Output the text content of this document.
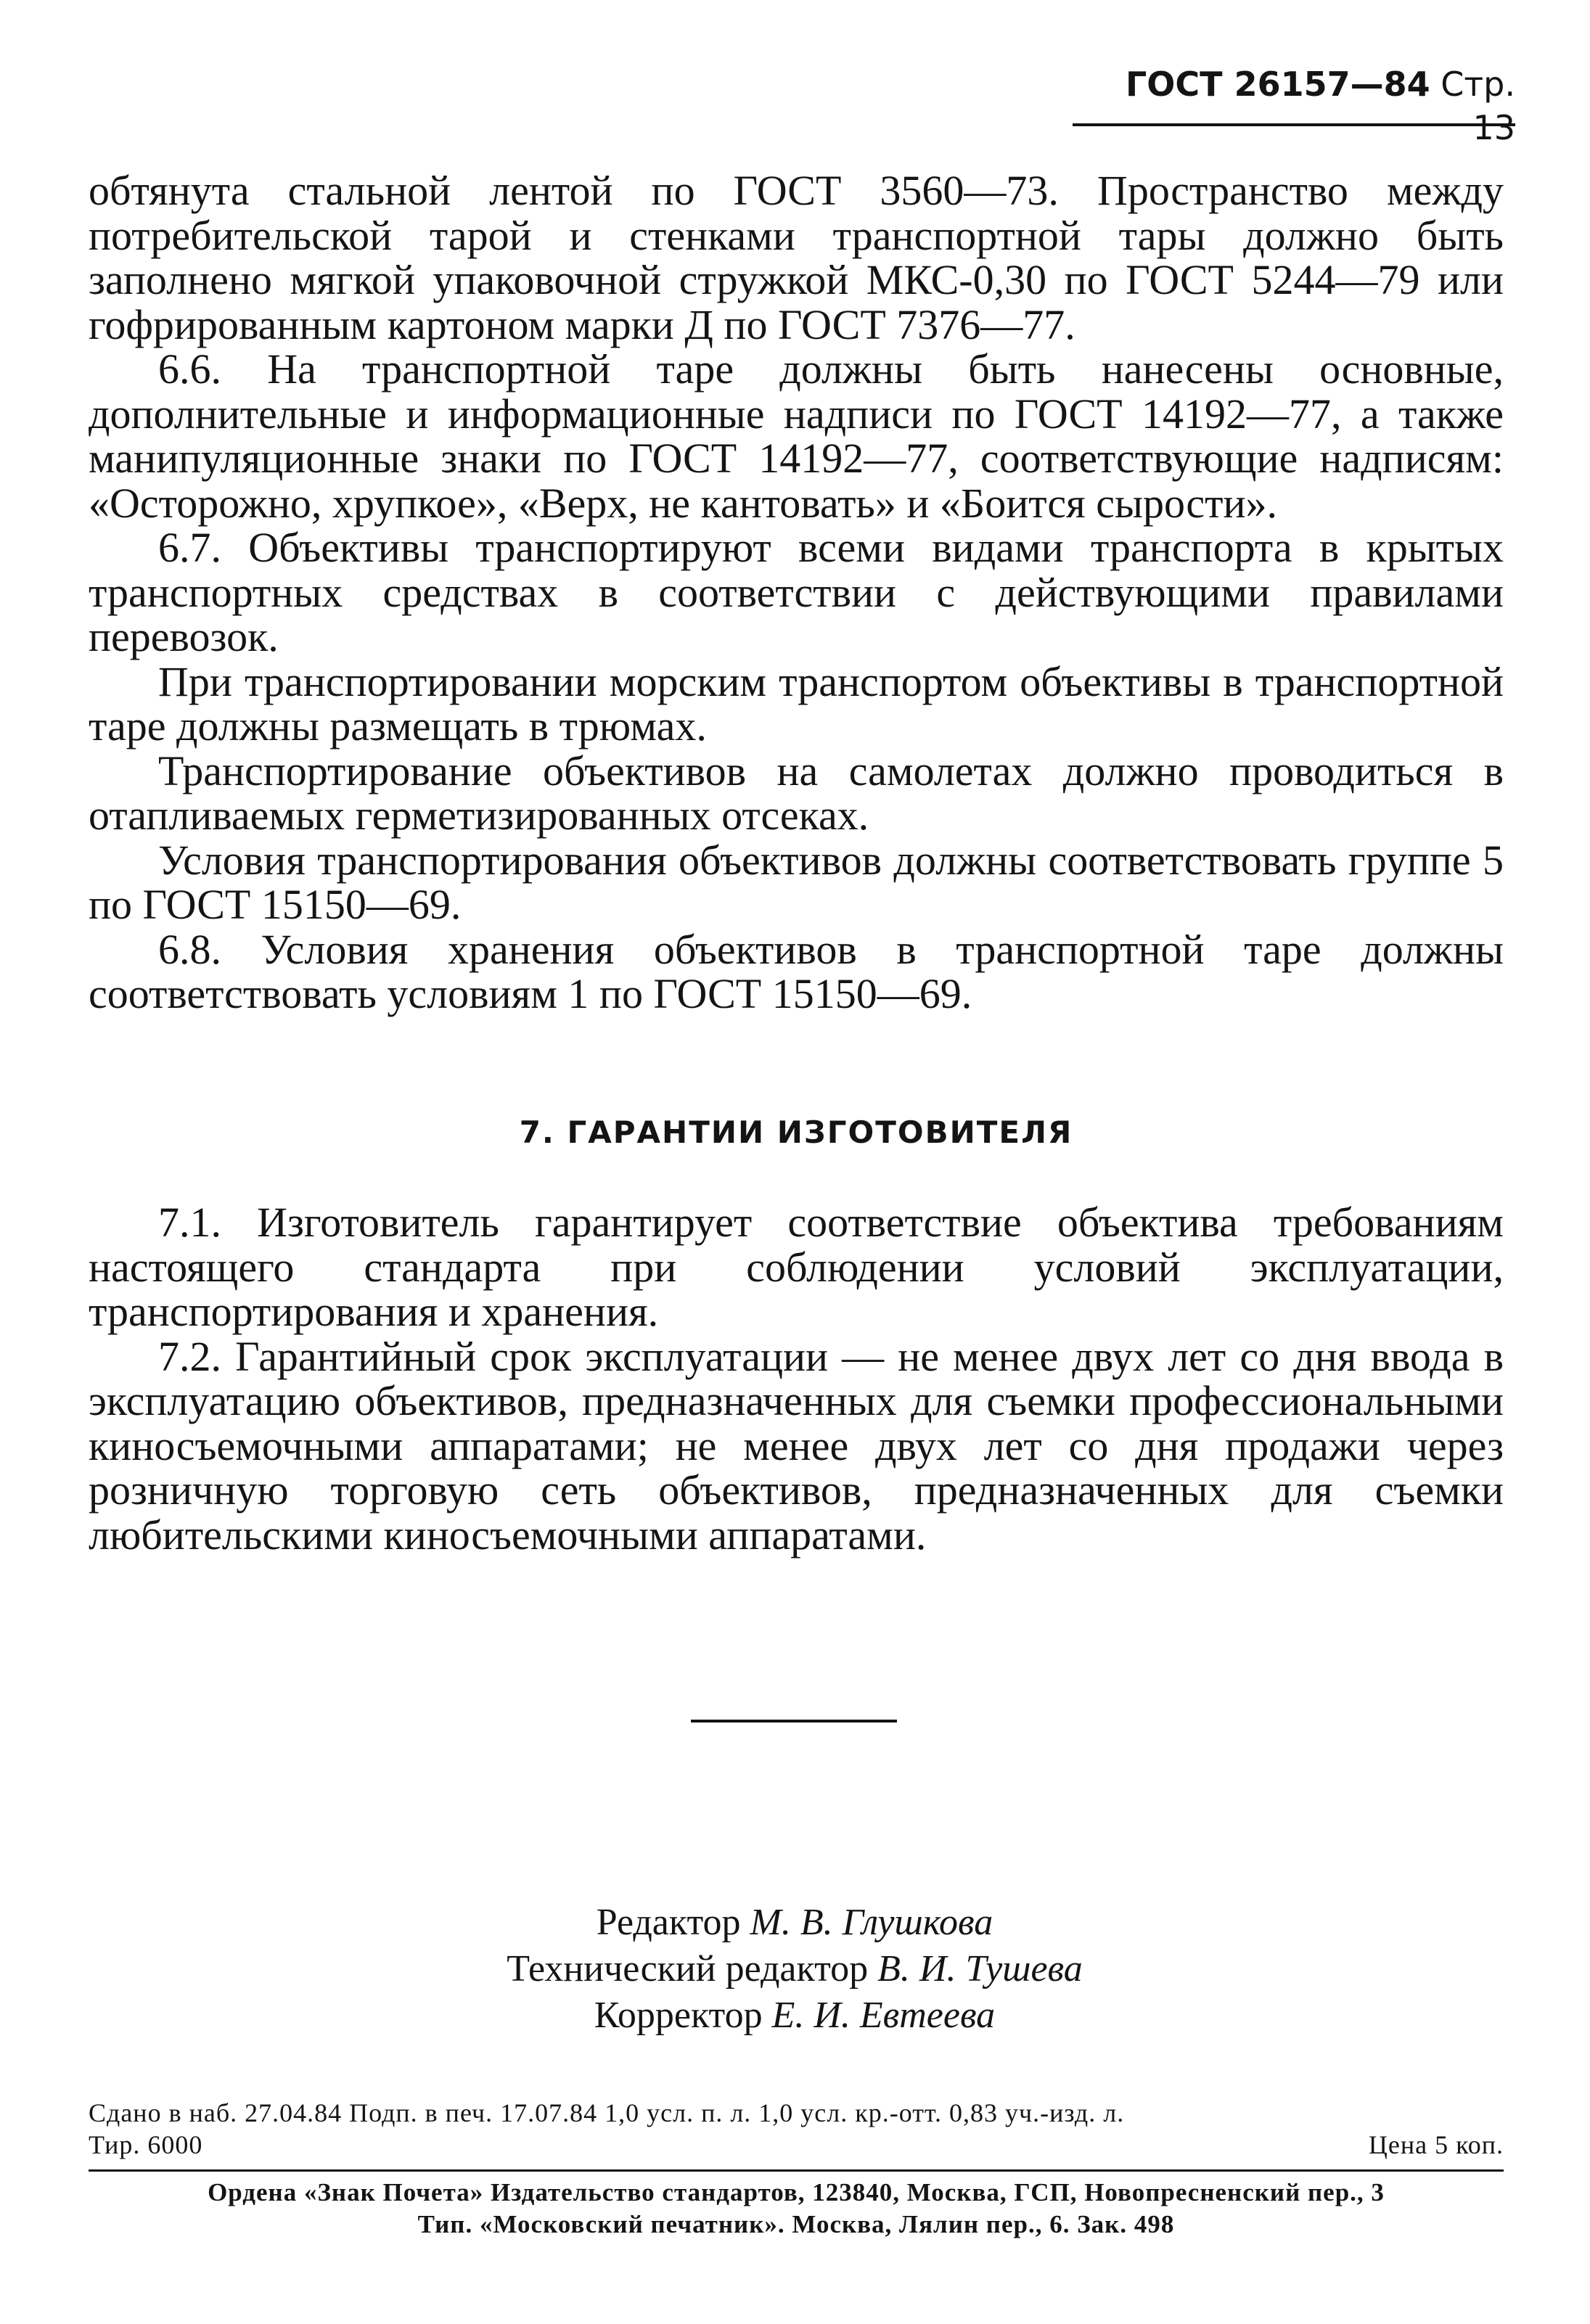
ГОСТ 26157—84 Стр. 13

обтянута стальной лентой по ГОСТ 3560—73. Пространство между потребительской тарой и стенками транспортной тары должно быть заполнено мягкой упаковочной стружкой МКС-0,30 по ГОСТ 5244—79 или гофрированным картоном марки Д по ГОСТ 7376—77.

6.6. На транспортной таре должны быть нанесены основные, дополнительные и информационные надписи по ГОСТ 14192—77, а также манипуляционные знаки по ГОСТ 14192—77, соответствующие надписям: «Осторожно, хрупкое», «Верх, не кантовать» и «Боится сырости».

6.7. Объективы транспортируют всеми видами транспорта в крытых транспортных средствах в соответствии с действующими правилами перевозок.

При транспортировании морским транспортом объективы в транспортной таре должны размещать в трюмах.

Транспортирование объективов на самолетах должно проводиться в отапливаемых герметизированных отсеках.

Условия транспортирования объективов должны соответствовать группе 5 по ГОСТ 15150—69.

6.8. Условия хранения объективов в транспортной таре должны соответствовать условиям 1 по ГОСТ 15150—69.

7. ГАРАНТИИ ИЗГОТОВИТЕЛЯ

7.1. Изготовитель гарантирует соответствие объектива требованиям настоящего стандарта при соблюдении условий эксплуатации, транспортирования и хранения.

7.2. Гарантийный срок эксплуатации — не менее двух лет со дня ввода в эксплуатацию объективов, предназначенных для съемки профессиональными киносъемочными аппаратами; не менее двух лет со дня продажи через розничную торговую сеть объективов, предназначенных для съемки любительскими киносъемочными аппаратами.

Редактор М. В. Глушкова
Технический редактор В. И. Тушева
Корректор Е. И. Евтеева
Сдано в наб. 27.04.84 Подп. в печ. 17.07.84 1,0 усл. п. л. 1,0 усл. кр.-отт. 0,83 уч.-изд. л.
Тир. 6000	Цена 5 коп.
Ордена «Знак Почета» Издательство стандартов, 123840, Москва, ГСП, Новопресненский пер., 3
Тип. «Московский печатник». Москва, Лялин пер., 6. Зак. 498
